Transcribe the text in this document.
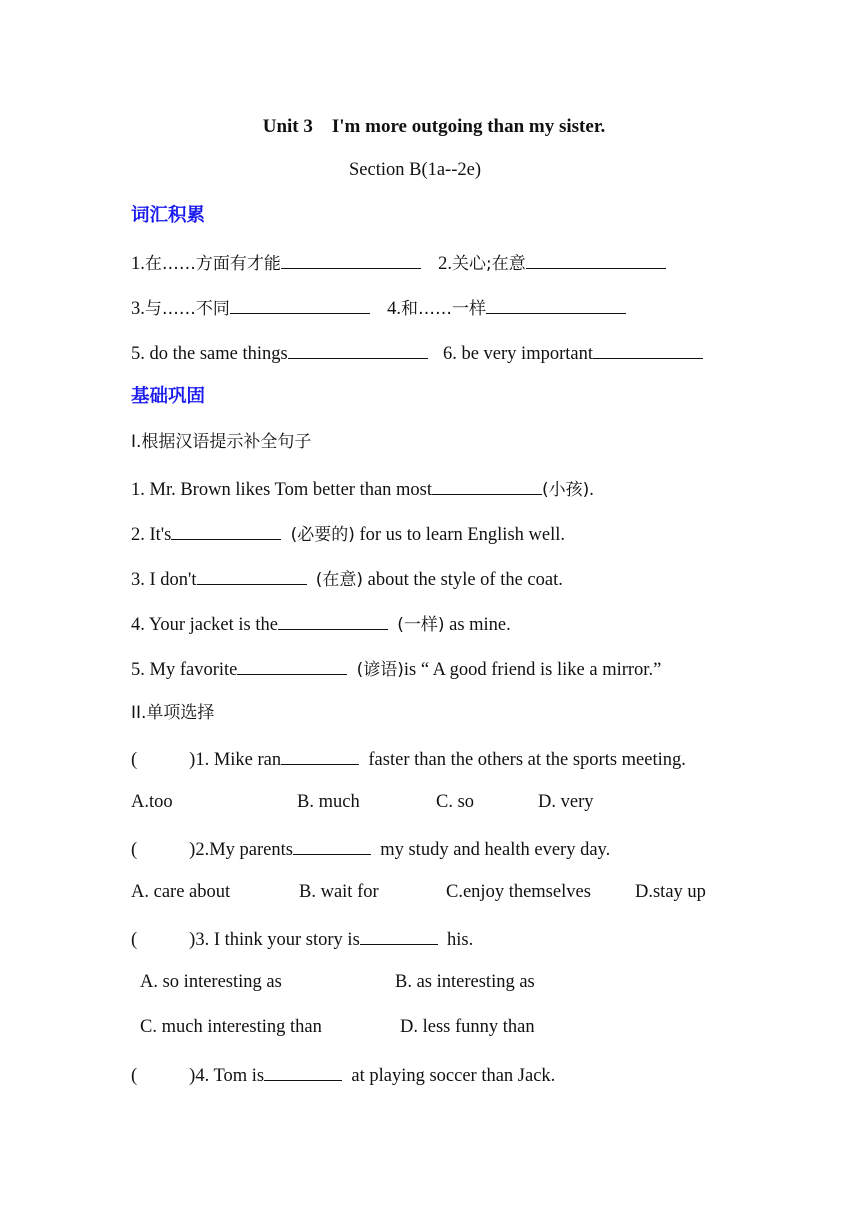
Unit 3    I'm more outgoing than my sister.
Section B(1a--2e)
词汇积累
1.在……方面有才能	2.关心;在意
3.与……不同	4.和……一样
5. do the same things	6. be very important
基础巩固
I.根据汉语提示补全句子
1. Mr. Brown likes Tom better than most	(小孩).
2. It's	(必要的) for us to learn English well.
3. I don't	(在意) about the style of the coat.
4. Your jacket is the	(一样) as mine.
5. My favorite	(谚语)is “ A good friend is like a mirror.”
II.单项选择
(	)1. Mike ran	faster than the others at the sports meeting.
A.too	B. much	C. so	D. very
(	)2.My parents	my study and health every day.
A. care about	B. wait for	C.enjoy themselves D.stay up
(	)3. I think your story is	his.
A. so interesting as	B. as interesting as
C. much interesting than	D. less funny than
(	)4. Tom is	at playing soccer than Jack.
